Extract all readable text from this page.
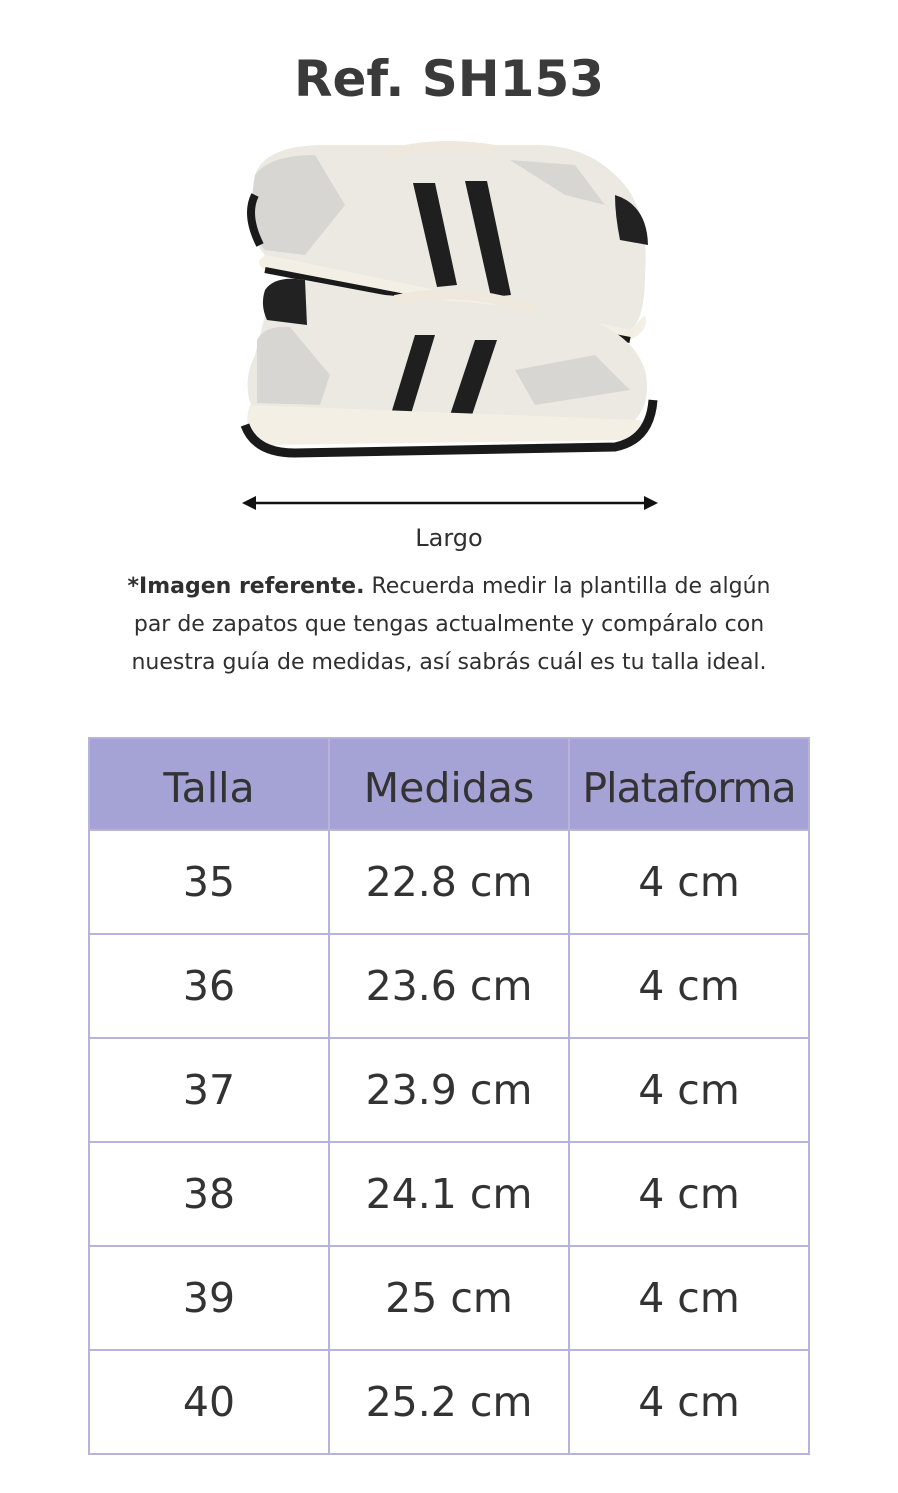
Ref. SH153
Largo
*Imagen referente. Recuerda medir la plantilla de algún par de zapatos que tengas actualmente y compáralo con nuestra guía de medidas, así sabrás cuál es tu talla ideal.
Talla	Medidas	Plataforma
35	22.8 cm	4 cm
36	23.6 cm	4 cm
37	23.9 cm	4 cm
38	24.1 cm	4 cm
39	25 cm	4 cm
40	25.2 cm	4 cm
